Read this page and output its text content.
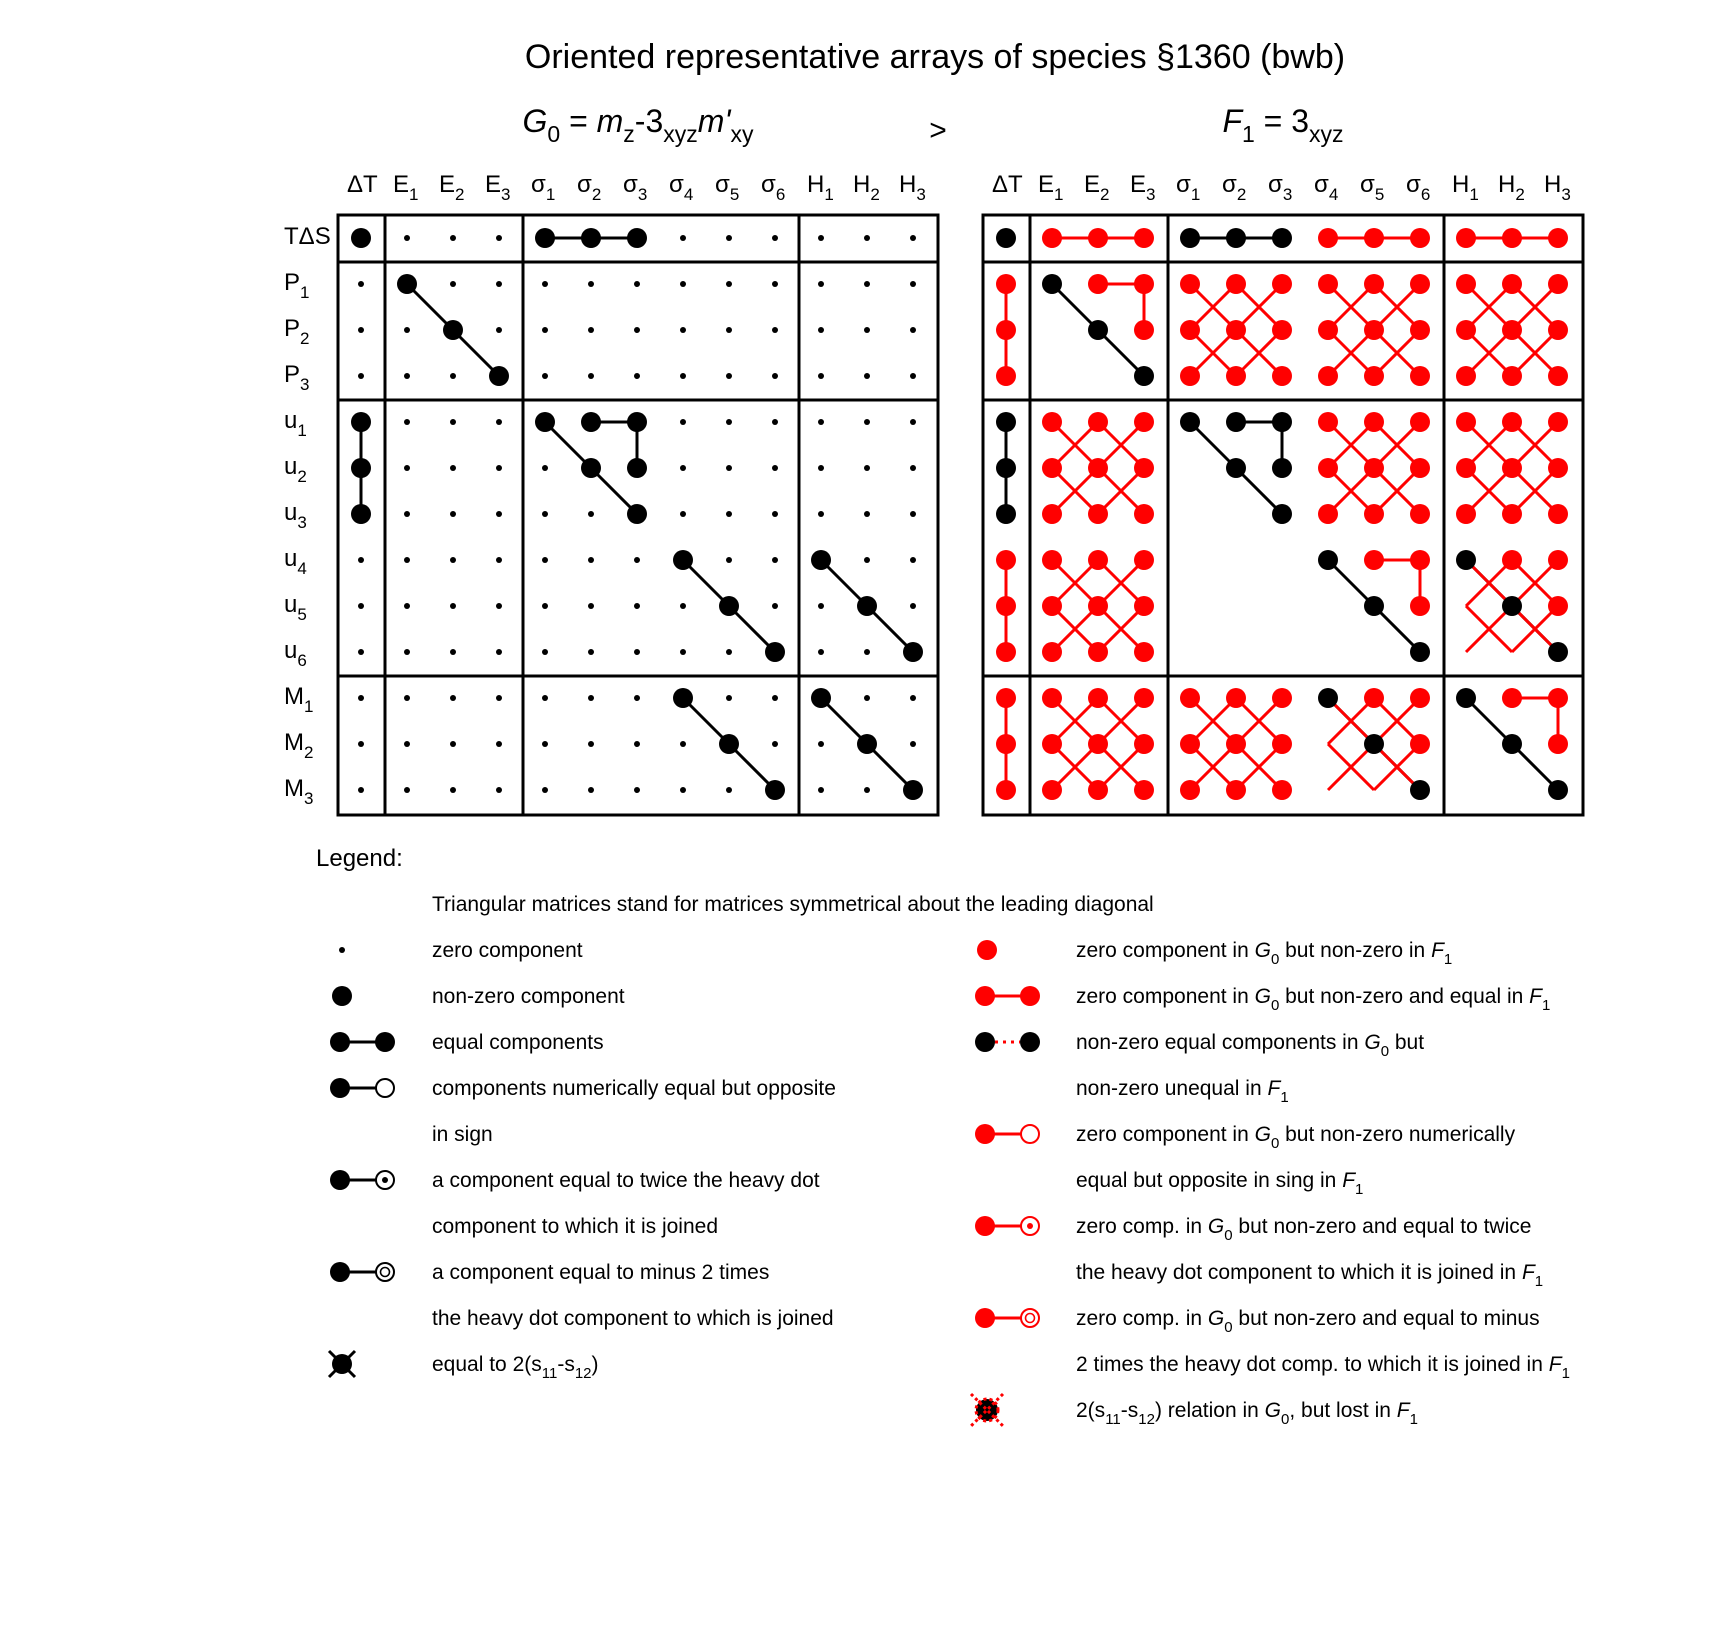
Oriented representative arrays of species §1360 (bwb)
>
$G_0 = m_z-3_{xyz}m'_{xy}$
ΔT $E_1$ $E_2$ $E_3$ $\sigma_1$ $\sigma_2$ $\sigma_3$ $\sigma_4$ $\sigma_5$ $\sigma_6$ $H_1$ $H_2$ $H_3$
TΔS
$P_1$
$P_2$
$P_3$
$u_1$
$u_2$
$u_3$
$u_4$
$u_5$
$u_6$
$M_1$
$M_2$
$M_3$
$F_1 = 3_{xyz}$
ΔT $E_1$ $E_2$ $E_3$ $\sigma_1$ $\sigma_2$ $\sigma_3$ $\sigma_4$ $\sigma_5$ $\sigma_6$ $H_1$ $H_2$ $H_3$
Legend:
Triangular matrices stand for matrices symmetrical about the leading diagonal
zero component
non-zero component
equal components
components numerically equal but opposite
in sign
a component equal to twice the heavy dot
component to which it is joined
a component equal to minus 2 times
the heavy dot component to which is joined
equal to $2(s_{11}-s_{12})$
zero component in $G_0$ but non-zero in $F_1$
zero component in $G_0$ but non-zero and equal in $F_1$
non-zero equal components in $G_0$ but
non-zero unequal in $F_1$
zero component in $G_0$ but non-zero numerically
equal but opposite in sing in $F_1$
zero comp. in $G_0$ but non-zero and equal to twice
the heavy dot component to which it is joined in $F_1$
zero comp. in $G_0$ but non-zero and equal to minus
2 times the heavy dot comp. to which it is joined in $F_1$
$2(s_{11}-s_{12})$ relation in $G_0$, but lost in $F_1$
